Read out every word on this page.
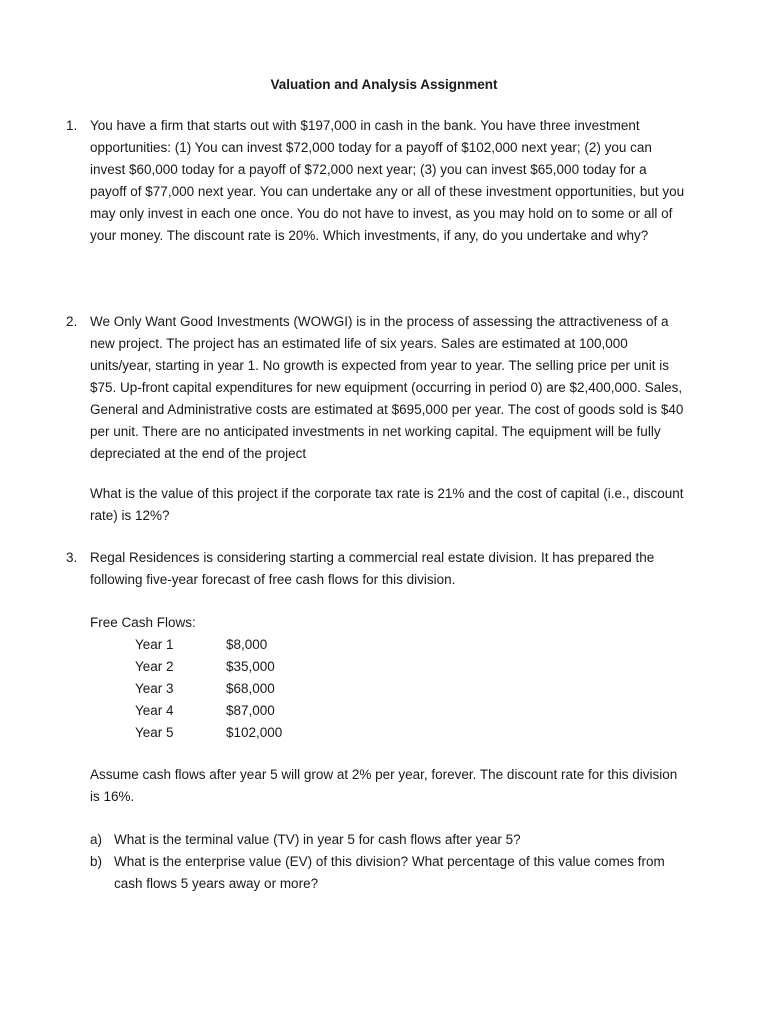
Valuation and Analysis Assignment
1. You have a firm that starts out with $197,000 in cash in the bank. You have three investment opportunities: (1) You can invest $72,000 today for a payoff of $102,000 next year; (2) you can invest $60,000 today for a payoff of $72,000 next year; (3) you can invest $65,000 today for a payoff of $77,000 next year. You can undertake any or all of these investment opportunities, but you may only invest in each one once. You do not have to invest, as you may hold on to some or all of your money. The discount rate is 20%. Which investments, if any, do you undertake and why?

2. We Only Want Good Investments (WOWGI) is in the process of assessing the attractiveness of a new project. The project has an estimated life of six years. Sales are estimated at 100,000 units/year, starting in year 1. No growth is expected from year to year. The selling price per unit is $75. Up-front capital expenditures for new equipment (occurring in period 0) are $2,400,000. Sales, General and Administrative costs are estimated at $695,000 per year. The cost of goods sold is $40 per unit. There are no anticipated investments in net working capital. The equipment will be fully depreciated at the end of the project

What is the value of this project if the corporate tax rate is 21% and the cost of capital (i.e., discount rate) is 12%?
3. Regal Residences is considering starting a commercial real estate division. It has prepared the following five-year forecast of free cash flows for this division.

Free Cash Flows:
Year 1	$8,000
Year 2	$35,000
Year 3	$68,000
Year 4	$87,000
Year 5	$102,000
Assume cash flows after year 5 will grow at 2% per year, forever. The discount rate for this division is 16%.
a) What is the terminal value (TV) in year 5 for cash flows after year 5?
b) What is the enterprise value (EV) of this division? What percentage of this value comes from cash flows 5 years away or more?
